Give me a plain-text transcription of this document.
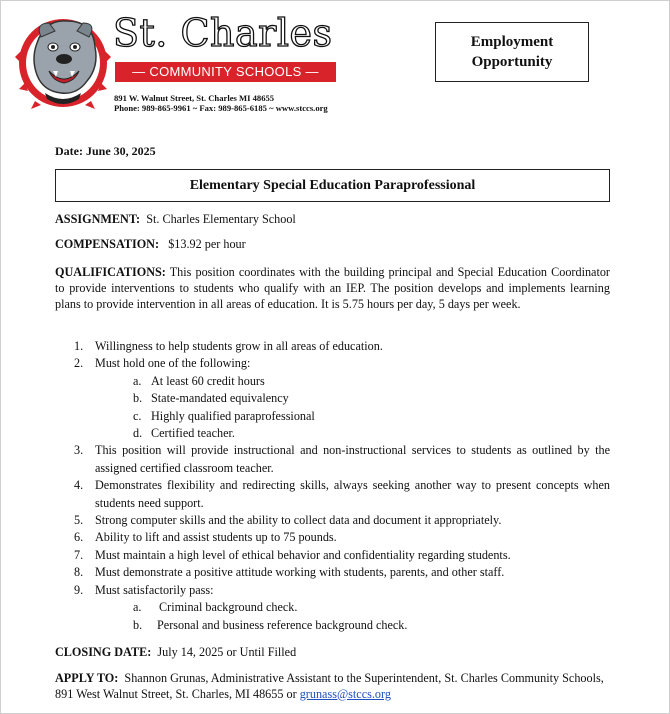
St. Charles
— COMMUNITY SCHOOLS —
891 W. Walnut Street, St. Charles MI 48655
Phone: 989-865-9961 ~ Fax: 989-865-6185 ~ www.stccs.org
Employment
Opportunity
Date: June 30, 2025
Elementary Special Education Paraprofessional
ASSIGNMENT: St. Charles Elementary School
COMPENSATION: $13.92 per hour
QUALIFICATIONS: This position coordinates with the building principal and Special Education Coordinator to provide interventions to students who qualify with an IEP. The position develops and implements learning plans to provide intervention in all areas of education. It is 5.75 hours per day, 5 days per week.
1. Willingness to help students grow in all areas of education.
2. Must hold one of the following:
a. At least 60 credit hours
b. State-mandated equivalency
c. Highly qualified paraprofessional
d. Certified teacher.
3. This position will provide instructional and non-instructional services to students as outlined by the assigned certified classroom teacher.
4. Demonstrates flexibility and redirecting skills, always seeking another way to present concepts when students need support.
5. Strong computer skills and the ability to collect data and document it appropriately.
6. Ability to lift and assist students up to 75 pounds.
7. Must maintain a high level of ethical behavior and confidentiality regarding students.
8. Must demonstrate a positive attitude working with students, parents, and other staff.
9. Must satisfactorily pass:
a. Criminal background check.
b. Personal and business reference background check.
CLOSING DATE: July 14, 2025 or Until Filled
APPLY TO: Shannon Grunas, Administrative Assistant to the Superintendent, St. Charles Community Schools, 891 West Walnut Street, St. Charles, MI 48655 or grunass@stccs.org
